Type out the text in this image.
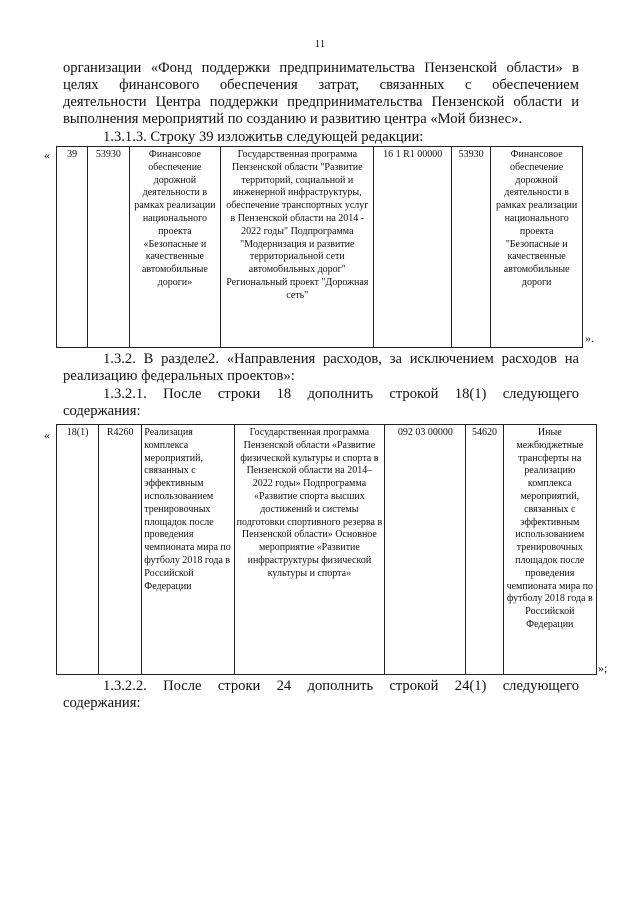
11
организации «Фонд поддержки предпринимательства Пензенской области» в
целях финансового обеспечения затрат, связанных с обеспечением
деятельности Центра поддержки предпринимательства Пензенской области и
выполнения мероприятий по созданию и развитию центра «Мой бизнес».
1.3.1.3. Строку 39 изложитьв следующей редакции:
« 39	53930	Финансовое обеспечение дорожной деятельности в рамках реализации национального проекта «Безопасные и качественные автомобильные дороги»	Государственная программа Пензенской области "Развитие территорий, социальной и инженерной инфраструктуры, обеспечение транспортных услуг в Пензенской области на 2014 - 2022 годы" Подпрограмма "Модернизация и развитие территориальной сети автомобильных дорог" Региональный проект "Дорожная сеть"	16 1 R1 00000	53930	Финансовое обеспечение дорожной деятельности в рамках реализации национального проекта "Безопасные и качественные автомобильные дороги
».
1.3.2. В разделе2. «Направления расходов, за исключением расходов на
реализацию федеральных проектов»:
1.3.2.1. После строки 18 дополнить строкой 18(1) следующего
содержания:
« 18(1)	R4260	Реализация комплекса мероприятий, связанных с эффективным использованием тренировочных площадок после проведения чемпионата мира по футболу 2018 года в Российской Федерации	Государственная программа Пензенской области «Развитие физической культуры и спорта в Пензенской области на 2014–2022 годы» Подпрограмма «Развитие спорта высших достижений и системы подготовки спортивного резерва в Пензенской области» Основное мероприятие «Развитие инфраструктуры физической культуры и спорта»	092 03 00000	54620	Иные межбюджетные трансферты на реализацию комплекса мероприятий, связанных с эффективным использованием тренировочных площадок после проведения чемпионата мира по футболу 2018 года в Российской Федерации
»;
1.3.2.2. После строки 24 дополнить строкой 24(1) следующего
содержания:
